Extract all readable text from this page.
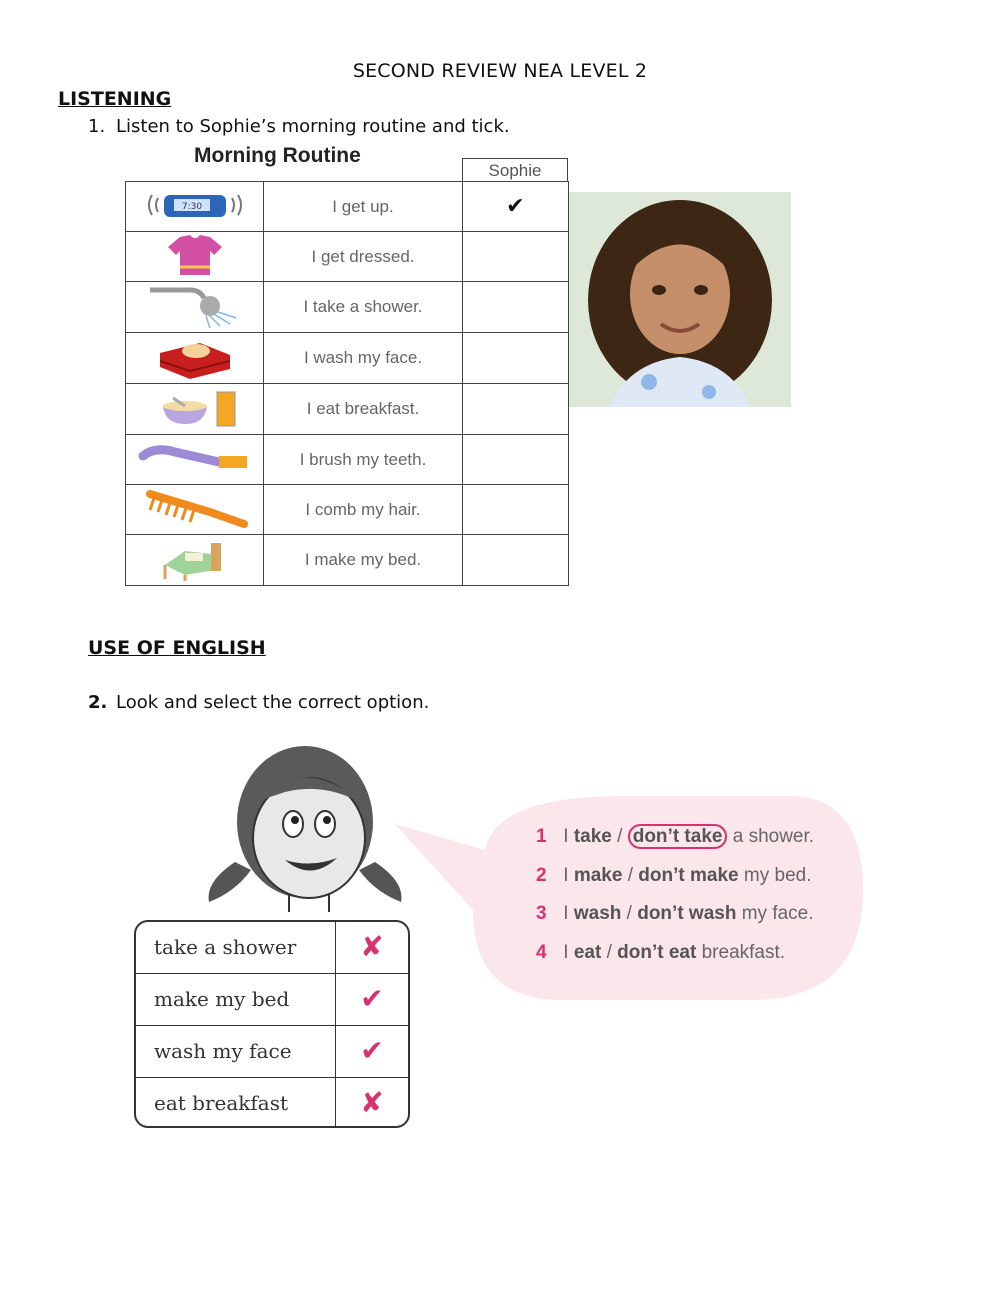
SECOND REVIEW NEA LEVEL 2
LISTENING
1. Listen to Sophie’s morning routine and tick.
Morning Routine
Sophie
7:30	I get up.	✔
	I get dressed.	
	I take a shower.	
	I wash my face.	
	I eat breakfast.	
	I brush my teeth.	
	I comb my hair.	
	I make my bed.	
USE OF ENGLISH
2. Look and select the correct option.
1 I take / don’t take a shower.
2 I make / don’t make my bed.
3 I wash / don’t wash my face.
4 I eat / don’t eat breakfast.
take a shower	✘
make my bed	✔
wash my face	✔
eat breakfast	✘
